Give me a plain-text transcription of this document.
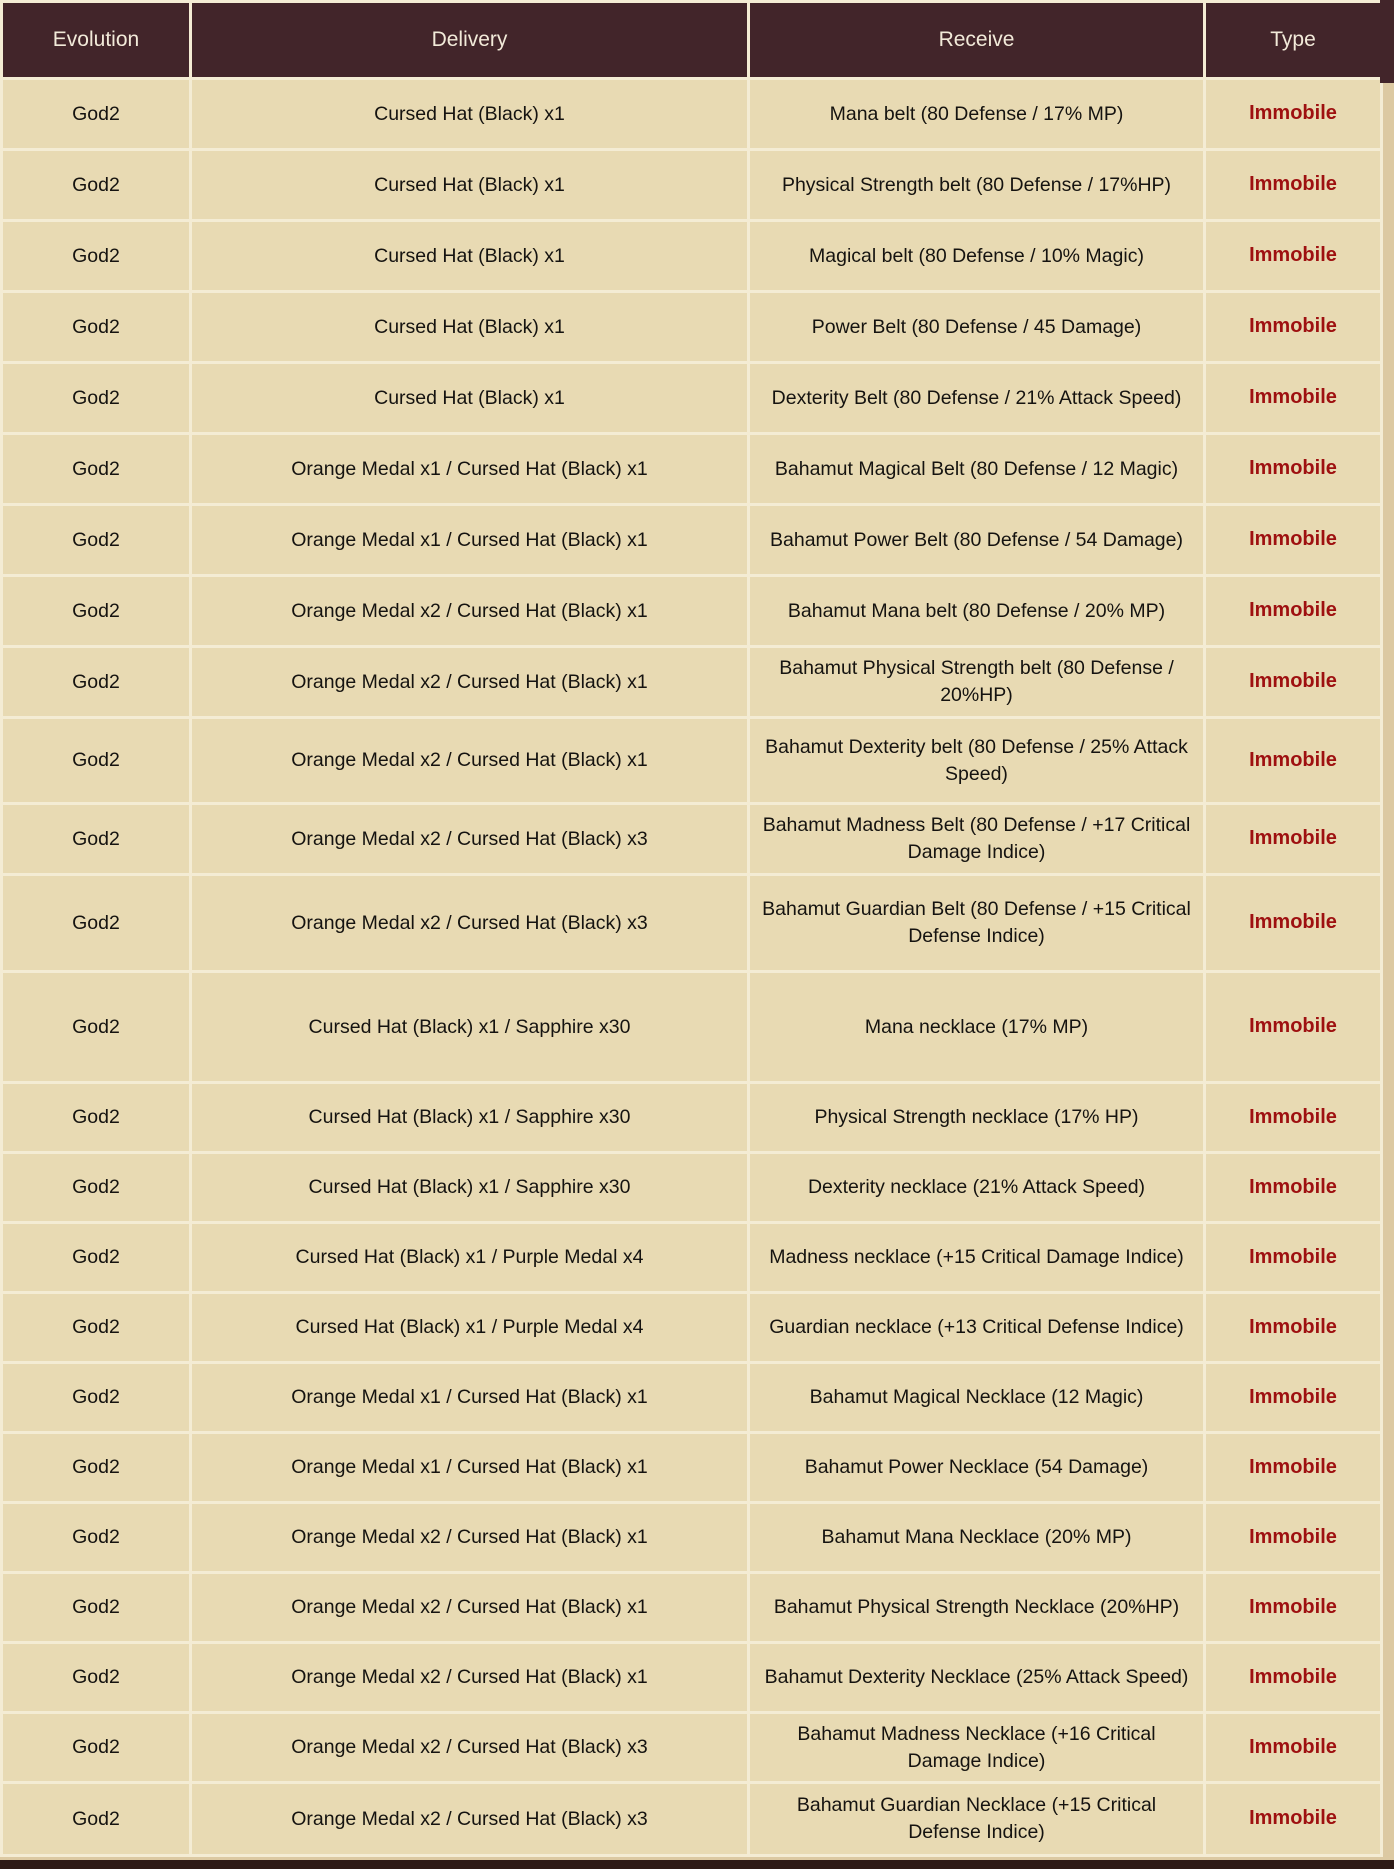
Evolution	Delivery	Receive	Type
God2	Cursed Hat (Black) x1	Mana belt (80 Defense / 17% MP)	Immobile
God2	Cursed Hat (Black) x1	Physical Strength belt (80 Defense / 17%HP)	Immobile
God2	Cursed Hat (Black) x1	Magical belt (80 Defense / 10% Magic)	Immobile
God2	Cursed Hat (Black) x1	Power Belt (80 Defense / 45 Damage)	Immobile
God2	Cursed Hat (Black) x1	Dexterity Belt (80 Defense / 21% Attack Speed)	Immobile
God2	Orange Medal x1 / Cursed Hat (Black) x1	Bahamut Magical Belt (80 Defense / 12 Magic)	Immobile
God2	Orange Medal x1 / Cursed Hat (Black) x1	Bahamut Power Belt (80 Defense / 54 Damage)	Immobile
God2	Orange Medal x2 / Cursed Hat (Black) x1	Bahamut Mana belt (80 Defense / 20% MP)	Immobile
God2	Orange Medal x2 / Cursed Hat (Black) x1	Bahamut Physical Strength belt (80 Defense / 20%HP)	Immobile
God2	Orange Medal x2 / Cursed Hat (Black) x1	Bahamut Dexterity belt (80 Defense / 25% Attack Speed)	Immobile
God2	Orange Medal x2 / Cursed Hat (Black) x3	Bahamut Madness Belt (80 Defense / +17 Critical Damage Indice)	Immobile
God2	Orange Medal x2 / Cursed Hat (Black) x3	Bahamut Guardian Belt (80 Defense / +15 Critical Defense Indice)	Immobile
God2	Cursed Hat (Black) x1 / Sapphire x30	Mana necklace (17% MP)	Immobile
God2	Cursed Hat (Black) x1 / Sapphire x30	Physical Strength necklace (17% HP)	Immobile
God2	Cursed Hat (Black) x1 / Sapphire x30	Dexterity necklace (21% Attack Speed)	Immobile
God2	Cursed Hat (Black) x1 / Purple Medal x4	Madness necklace (+15 Critical Damage Indice)	Immobile
God2	Cursed Hat (Black) x1 / Purple Medal x4	Guardian necklace (+13 Critical Defense Indice)	Immobile
God2	Orange Medal x1 / Cursed Hat (Black) x1	Bahamut Magical Necklace (12 Magic)	Immobile
God2	Orange Medal x1 / Cursed Hat (Black) x1	Bahamut Power Necklace (54 Damage)	Immobile
God2	Orange Medal x2 / Cursed Hat (Black) x1	Bahamut Mana Necklace (20% MP)	Immobile
God2	Orange Medal x2 / Cursed Hat (Black) x1	Bahamut Physical Strength Necklace (20%HP)	Immobile
God2	Orange Medal x2 / Cursed Hat (Black) x1	Bahamut Dexterity Necklace (25% Attack Speed)	Immobile
God2	Orange Medal x2 / Cursed Hat (Black) x3	Bahamut Madness Necklace (+16 Critical Damage Indice)	Immobile
God2	Orange Medal x2 / Cursed Hat (Black) x3	Bahamut Guardian Necklace (+15 Critical Defense Indice)	Immobile
